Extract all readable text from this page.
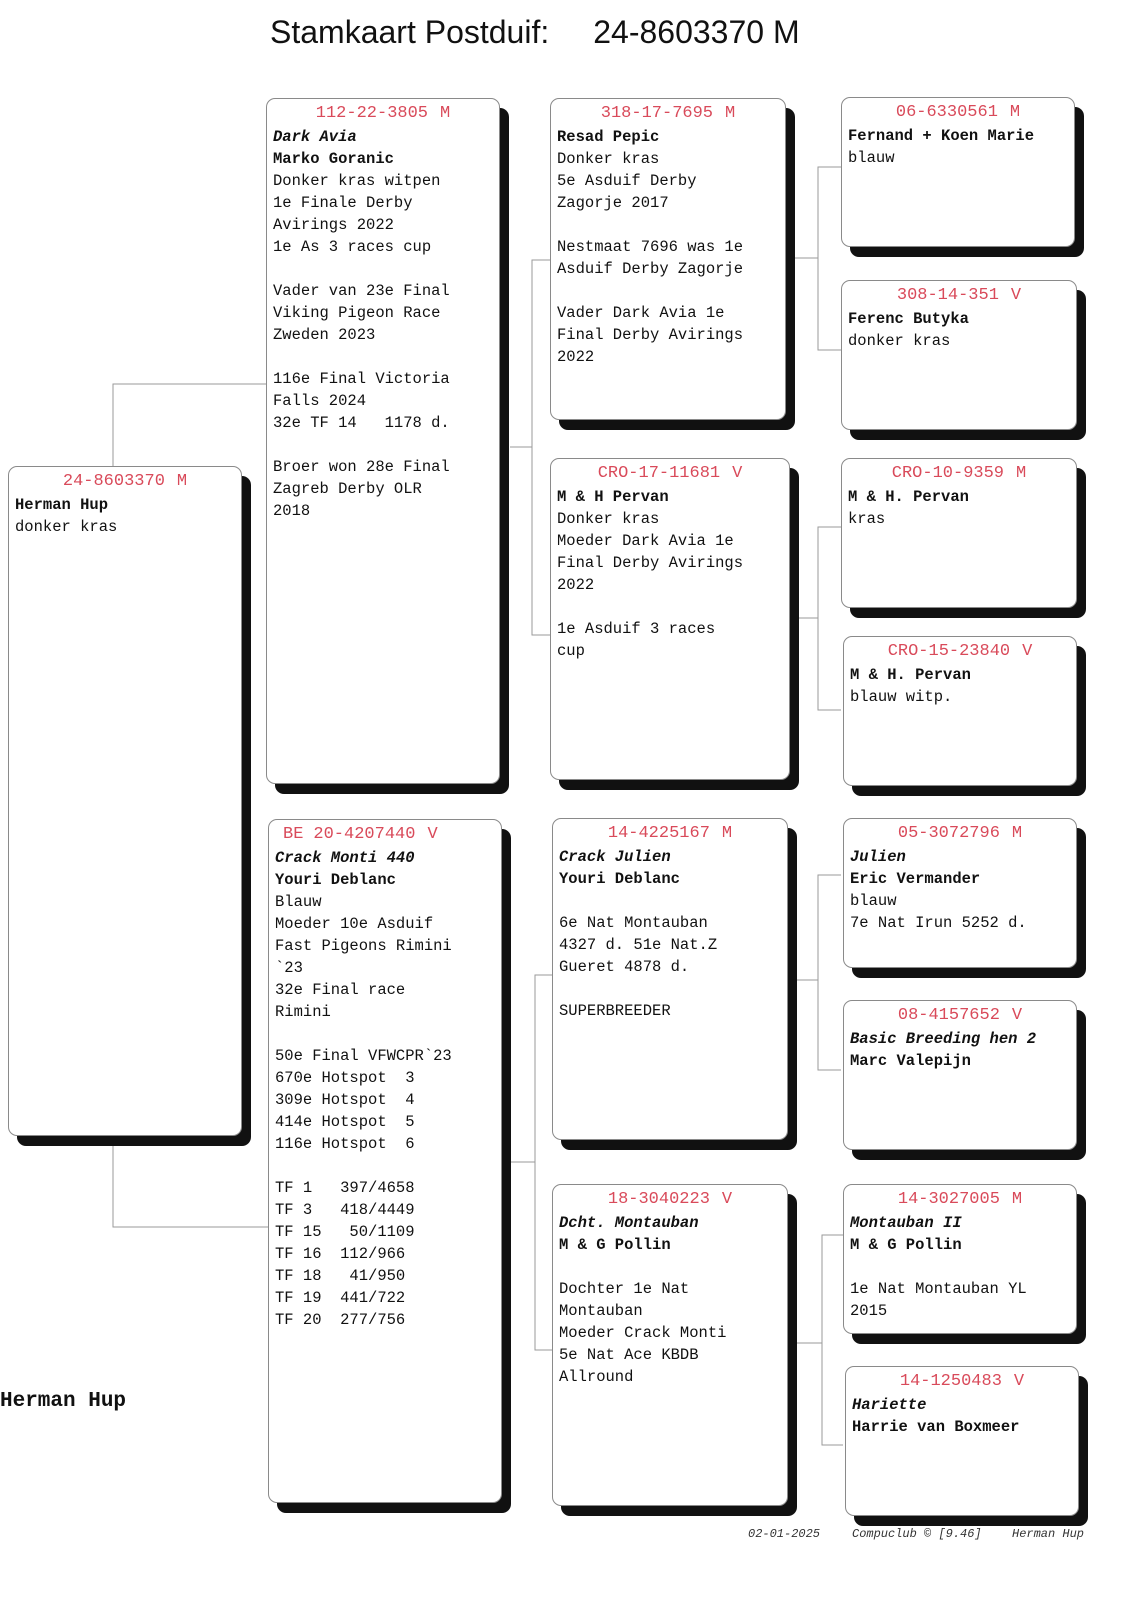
Stamkaart Postduif: 24-8603370 M
24-8603370 M
Herman Hup
donker kras
112-22-3805 M
Dark Avia
Marko Goranic
Donker kras witpen
1e Finale Derby
Avirings 2022
1e As 3 races cup

Vader van 23e Final
Viking Pigeon Race
Zweden 2023

116e Final Victoria
Falls 2024
32e TF 14   1178 d.

Broer won 28e Final
Zagreb Derby OLR
2018
BE 20-4207440 V
Crack Monti 440
Youri Deblanc
Blauw
Moeder 10e Asduif
Fast Pigeons Rimini
`23
32e Final race
Rimini

50e Final VFWCPR`23
670e Hotspot  3
309e Hotspot  4
414e Hotspot  5
116e Hotspot  6

TF 1   397/4658
TF 3   418/4449
TF 15   50/1109
TF 16  112/966
TF 18   41/950
TF 19  441/722
TF 20  277/756
318-17-7695 M
Resad Pepic
Donker kras
5e Asduif Derby
Zagorje 2017

Nestmaat 7696 was 1e
Asduif Derby Zagorje

Vader Dark Avia 1e
Final Derby Avirings
2022
CRO-17-11681 V
M & H Pervan
Donker kras
Moeder Dark Avia 1e
Final Derby Avirings
2022

1e Asduif 3 races
cup
14-4225167 M
Crack Julien
Youri Deblanc

6e Nat Montauban
4327 d. 51e Nat.Z
Gueret 4878 d.

SUPERBREEDER
18-3040223 V
Dcht. Montauban
M & G Pollin

Dochter 1e Nat
Montauban
Moeder Crack Monti
5e Nat Ace KBDB
Allround
06-6330561 M
Fernand + Koen Marie
blauw
308-14-351 V
Ferenc Butyka
donker kras
CRO-10-9359 M
M & H. Pervan
kras
CRO-15-23840 V
M & H. Pervan
blauw witp.
05-3072796 M
Julien
Eric Vermander
blauw
7e Nat Irun 5252 d.
08-4157652 V
Basic Breeding hen 2
Marc Valepijn
14-3027005 M
Montauban II
M & G Pollin

1e Nat Montauban YL
2015
14-1250483 V
Hariette
Harrie van Boxmeer
Herman Hup
02-01-2025	Compuclub © [9.46]	Herman Hup
